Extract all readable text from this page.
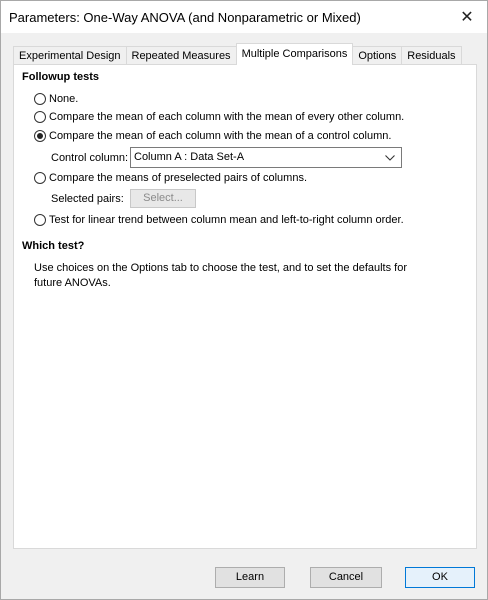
Parameters: One-Way ANOVA (and Nonparametric or Mixed)	✕
Experimental Design	Repeated Measures	Multiple Comparisons	Options	Residuals
Followup tests
None.
Compare the mean of each column with the mean of every other column.
Compare the mean of each column with the mean of a control column.
Control column: Column A : Data Set-A
Compare the means of preselected pairs of columns.
Selected pairs:	Select...
Test for linear trend between column mean and left-to-right column order.
Which test?
Use choices on the Options tab to choose the test, and to set the defaults for future ANOVAs.
Learn	Cancel	OK
